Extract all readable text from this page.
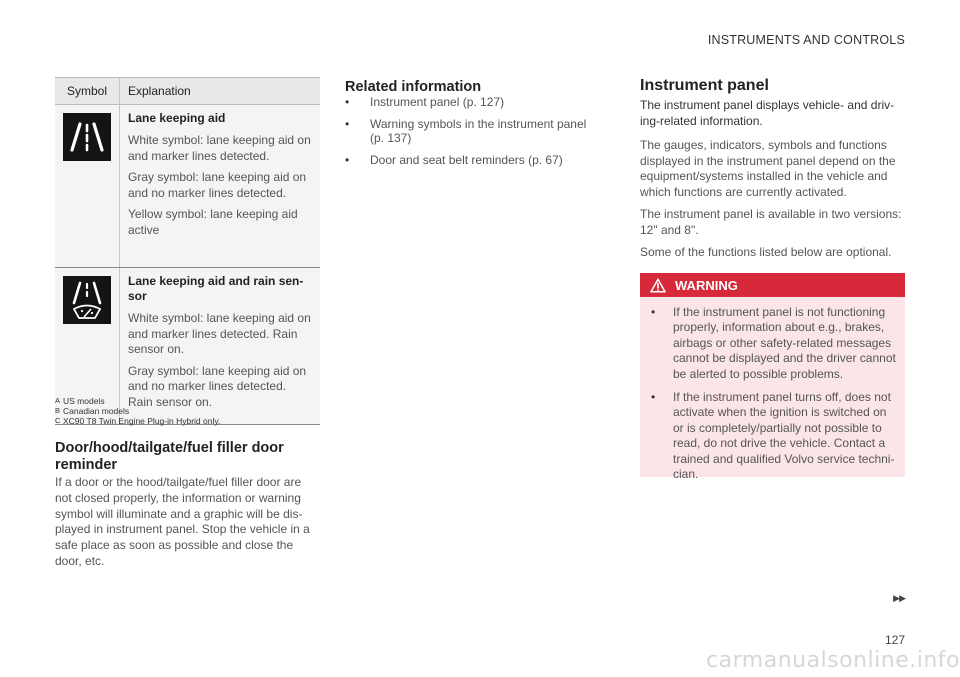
INSTRUMENTS AND CONTROLS
Symbol	Explanation

Lane keeping aid
White symbol: lane keeping aid on and marker lines detected.
Gray symbol: lane keeping aid on and no marker lines detected.
Yellow symbol: lane keeping aid active

Lane keeping aid and rain sen-sor
White symbol: lane keeping aid on and marker lines detected. Rain sensor on.
Gray symbol: lane keeping aid on and no marker lines detected. Rain sensor on.
A US models
B Canadian models
C XC90 T8 Twin Engine Plug-in Hybrid only.
Door/hood/tailgate/fuel filler door reminder

If a door or the hood/tailgate/fuel filler door are not closed properly, the information or warning symbol will illuminate and a graphic will be dis-played in instrument panel. Stop the vehicle in a safe place as soon as possible and close the door, etc.

Related information
•	Instrument panel (p. 127)
•	Warning symbols in the instrument panel (p. 137)
•	Door and seat belt reminders (p. 67)
Instrument panel

The instrument panel displays vehicle- and driv-ing-related information.

The gauges, indicators, symbols and functions displayed in the instrument panel depend on the equipment/systems installed in the vehicle and which functions are currently activated.

The instrument panel is available in two versions: 12" and 8".

Some of the functions listed below are optional.

WARNING
•	If the instrument panel is not functioning properly, information about e.g., brakes, airbags or other safety-related messages cannot be displayed and the driver cannot be alerted to possible problems.
•	If the instrument panel turns off, does not activate when the ignition is switched on or is completely/partially not possible to read, do not drive the vehicle. Contact a trained and qualified Volvo service techni-cian.
▶▶
127
carmanualsonline.info
